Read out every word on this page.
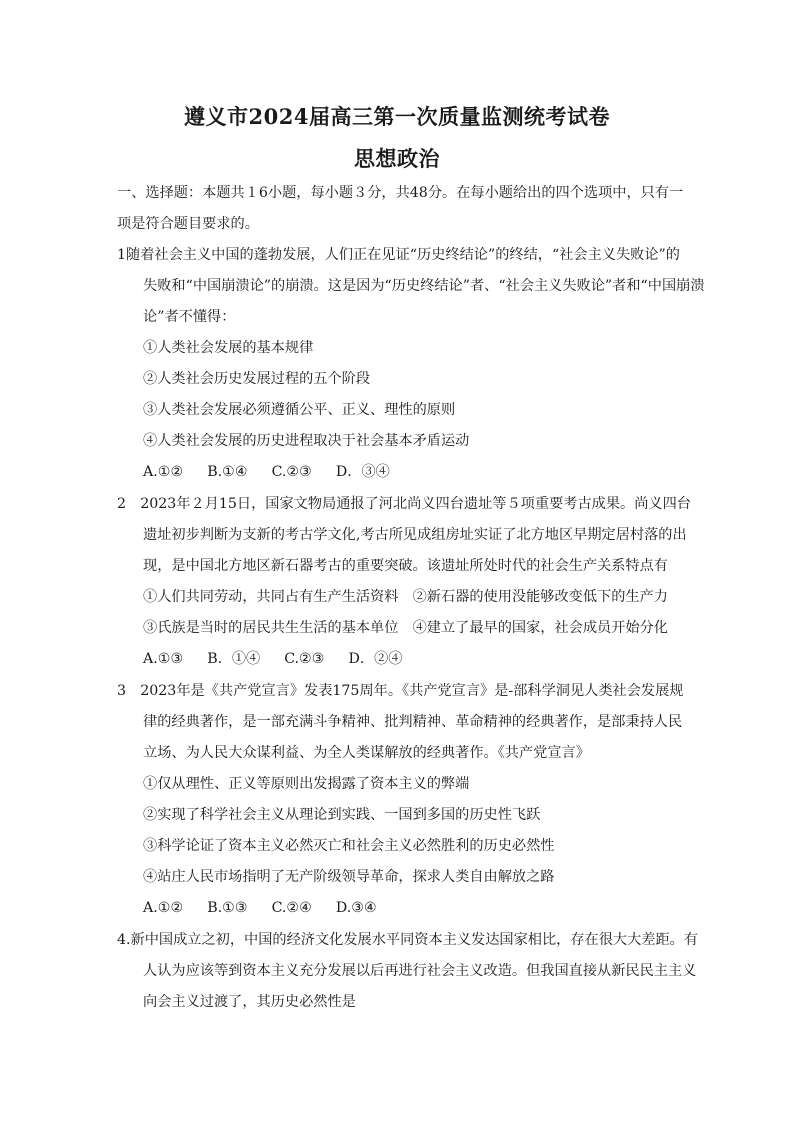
遵义市2024届高三第一次质量监测统考试卷
思想政治
一、选择题：本题共１6小题，每小题３分，共48分。在每小题给出的四个选项中，只有一
项是符合题目要求的。
1随着社会主义中国的蓬勃发展，人们正在见证“历史终结论”的终结，“社会主义失败论”的
失败和“中国崩溃论”的崩溃。这是因为“历史终结论”者、“社会主义失败论”者和“中国崩溃
论”者不懂得：
①人类社会发展的基本规律
②人类社会历史发展过程的五个阶段
③人类社会发展必须遵循公平、正义、理性的原则
④人类社会发展的历史进程取决于社会基本矛盾运动
A.①② B.①④ C.②③ D．③④
2　2023年２月15日，国家文物局通报了河北尚义四台遗址等５项重要考古成果。尚义四台
遗址初步判断为支新的考古学文化,考古所见成组房址实证了北方地区早期定居村落的出
现，是中国北方地区新石器考古的重要突破。该遗址所处时代的社会生产关系特点有
①人们共同劳动，共同占有生产生活资料　②新石器的使用没能够改变低下的生产力
③氏族是当时的居民共生生活的基本单位　④建立了最早的国家，社会成员开始分化
A.①③ B．①④ C.②③ D．②④
3　2023年是《共产党宣言》发表175周年。《共产党宣言》是-部科学洞见人类社会发展规
律的经典著作，是一部充满斗争精神、批判精神、革命精神的经典著作，是部秉持人民
立场、为人民大众谋利益、为全人类谋解放的经典著作。《共产党宣言》
①仅从理性、正义等原则出发揭露了资本主义的弊端
②实现了科学社会主义从理论到实践、一国到多国的历史性飞跃
③科学论证了资本主义必然灭亡和社会主义必然胜利的历史必然性
④站庄人民市场指明了无产阶级领导革命，探求人类自由解放之路
A.①② B.①③ C.②④ D.③④
4.新中国成立之初，中国的经济文化发展水平同资本主义发达国家相比，存在很大大差距。有
人认为应该等到资本主义充分发展以后再进行社会主义改造。但我国直接从新民民主主义
向会主义过渡了，其历史必然性是
